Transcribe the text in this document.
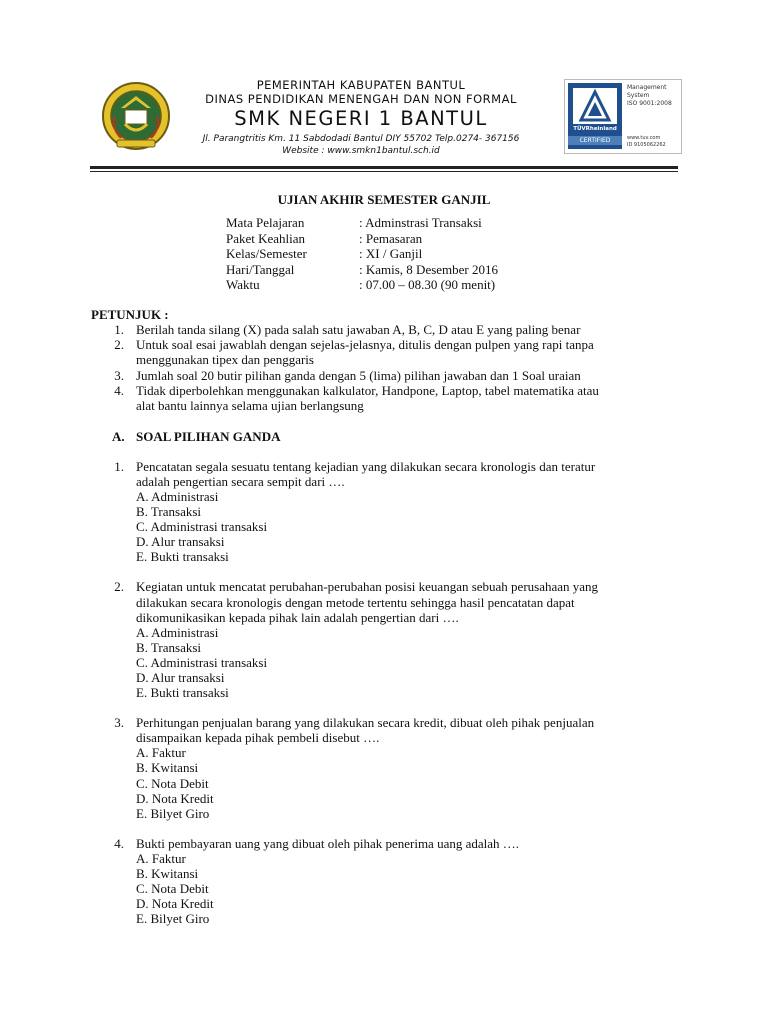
PEMERINTAH KABUPATEN BANTUL
DINAS PENDIDIKAN MENENGAH DAN NON FORMAL
SMK NEGERI 1 BANTUL
Jl. Parangtritis Km. 11 Sabdodadi Bantul DIY 55702 Telp.0274- 367156
Website : www.smkn1bantul.sch.id
TÜVRheinland
CERTIFIED
Management
System
ISO 9001:2008
www.tuv.com
ID 9105062262
UJIAN AKHIR SEMESTER GANJIL
Mata Pelajaran	: Adminstrasi Transaksi
Paket Keahlian	: Pemasaran
Kelas/Semester	: XI / Ganjil
Hari/Tanggal	: Kamis, 8 Desember 2016
Waktu	: 07.00 – 08.30 (90 menit)
PETUNJUK :
1. Berilah tanda silang (X) pada salah satu jawaban A, B, C, D atau E yang paling benar
2. Untuk soal esai jawablah dengan sejelas-jelasnya, ditulis dengan pulpen yang rapi tanpa
menggunakan tipex dan penggaris
3. Jumlah soal 20 butir pilihan ganda dengan 5 (lima) pilihan jawaban dan 1 Soal uraian
4. Tidak diperbolehkan menggunakan kalkulator, Handpone, Laptop, tabel matematika atau
alat bantu lainnya selama ujian berlangsung
A. SOAL PILIHAN GANDA
1. Pencatatan segala sesuatu tentang kejadian yang dilakukan secara kronologis dan teratur
adalah pengertian secara sempit dari ….
A. Administrasi
B. Transaksi
C. Administrasi transaksi
D. Alur transaksi
E. Bukti transaksi
2. Kegiatan untuk mencatat perubahan-perubahan posisi keuangan sebuah perusahaan yang
dilakukan secara kronologis dengan metode tertentu sehingga hasil pencatatan dapat
dikomunikasikan kepada pihak lain adalah pengertian dari ….
A. Administrasi
B. Transaksi
C. Administrasi transaksi
D. Alur transaksi
E. Bukti transaksi
3. Perhitungan penjualan barang yang dilakukan secara kredit, dibuat oleh pihak penjualan
disampaikan kepada pihak pembeli disebut ….
A. Faktur
B. Kwitansi
C. Nota Debit
D. Nota Kredit
E. Bilyet Giro
4. Bukti pembayaran uang yang dibuat oleh pihak penerima uang adalah ….
A. Faktur
B. Kwitansi
C. Nota Debit
D. Nota Kredit
E. Bilyet Giro
